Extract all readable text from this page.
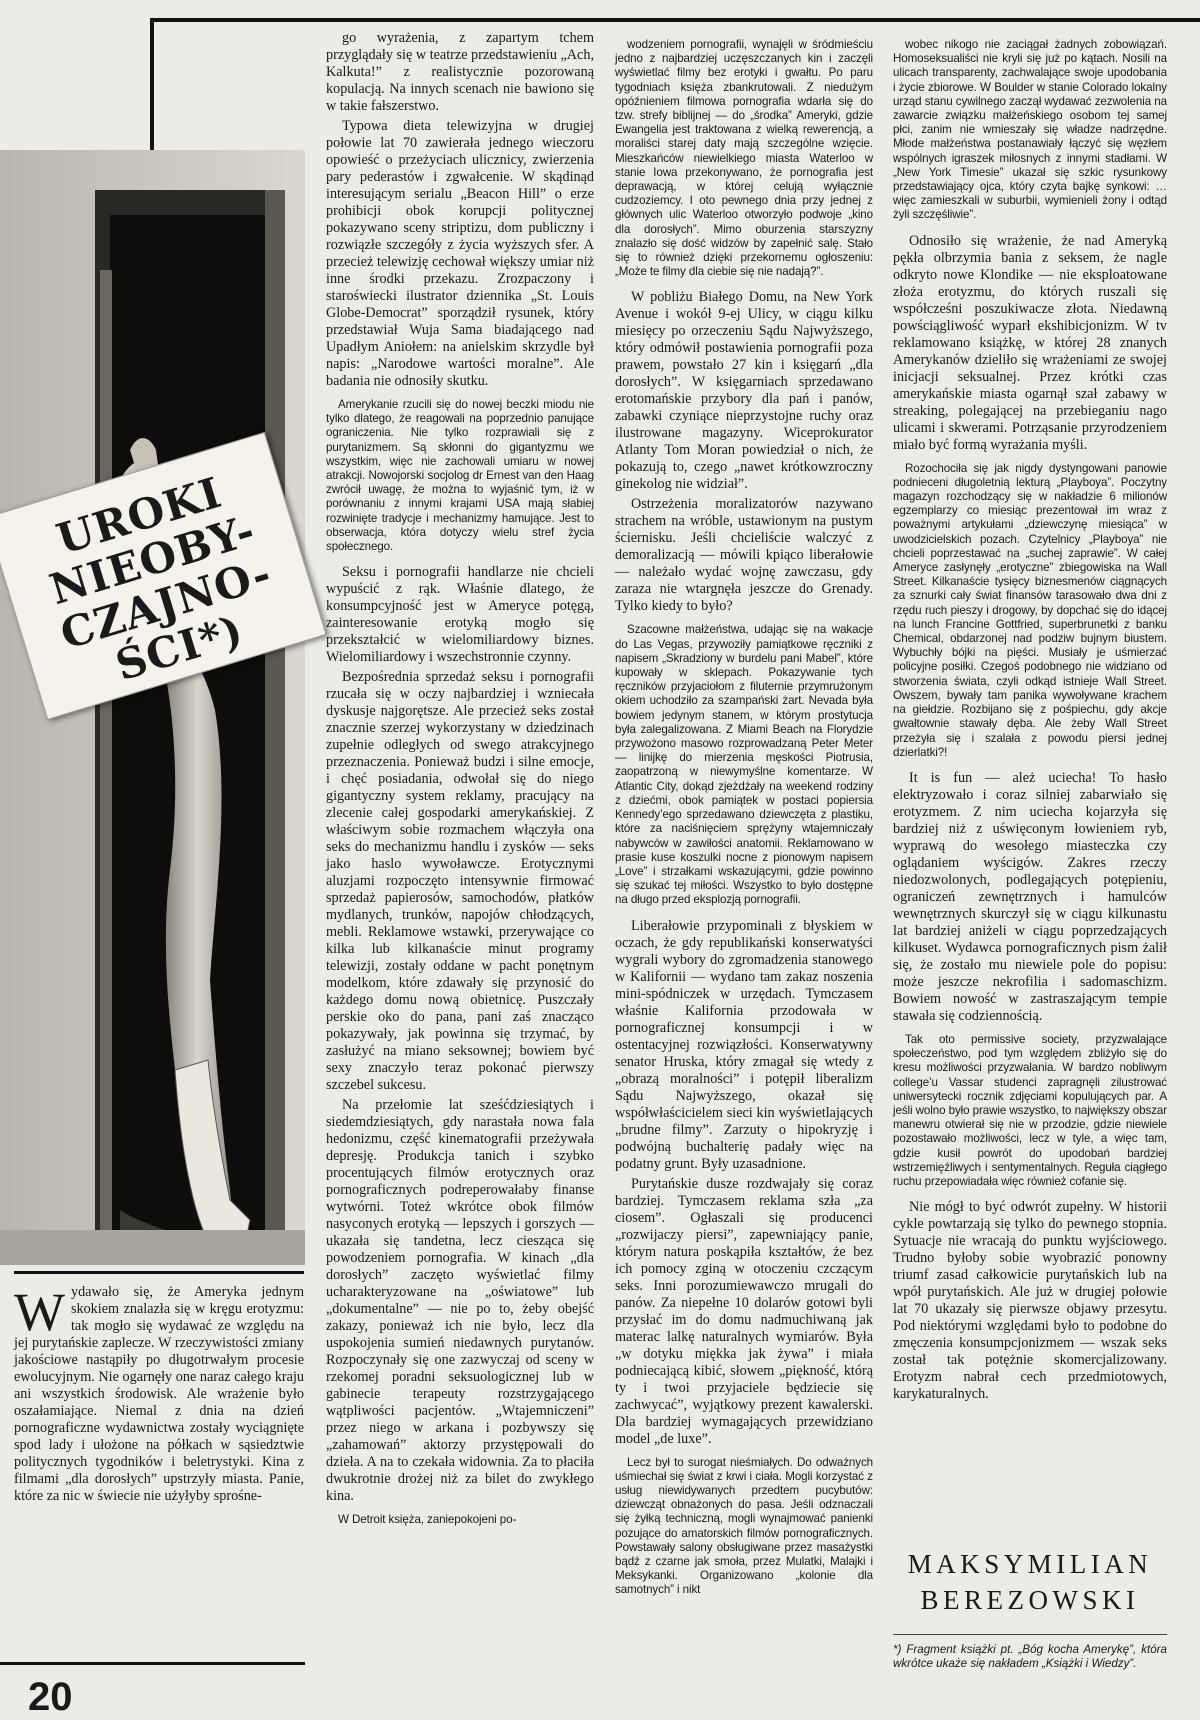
UROKI
NIEOBY-
CZAJNO-
ŚCI*)

go wyrażenia, z zapartym tchem przyglądały się w teatrze przedstawieniu „Ach, Kalkuta!” z realistycznie pozorowaną kopulacją. Na innych scenach nie bawiono się w takie fałszerstwo.

Typowa dieta telewizyjna w drugiej połowie lat 70 zawierała jednego wieczoru opowieść o przeżyciach ulicznicy, zwierzenia pary pederastów i zgwałcenie. W skądinąd interesującym serialu „Beacon Hill” o erze prohibicji obok korupcji politycznej pokazywano sceny striptizu, dom publiczny i rozwiązłe szczegóły z życia wyższych sfer. A przecież telewizję cechował większy umiar niż inne środki przekazu. Zrozpaczony i staroświecki ilustrator dziennika „St. Louis Globe-Democrat” sporządził rysunek, który przedstawiał Wuja Sama biadającego nad Upadłym Aniołem: na anielskim skrzydle był napis: „Narodowe wartości moralne”. Ale badania nie odnosiły skutku.

Amerykanie rzucili się do nowej beczki miodu nie tylko dlatego, że reagowali na poprzednio panujące ograniczenia. Nie tylko rozprawiali się z purytanizmem. Są skłonni do gigantyzmu we wszystkim, więc nie zachowali umiaru w nowej atrakcji. Nowojorski socjolog dr Ernest van den Haag zwrócił uwagę, że można to wyjaśnić tym, iż w porównaniu z innymi krajami USA mają słabiej rozwinięte tradycje i mechanizmy hamujące. Jest to obserwacja, która dotyczy wielu stref życia społecznego.

Seksu i pornografii handlarze nie chcieli wypuścić z rąk. Właśnie dlatego, że konsumpcyjność jest w Ameryce potęgą, zainteresowanie erotyką mogło się przekształcić w wielomiliardowy biznes. Wielomiliardowy i wszechstronnie czynny.

Bezpośrednia sprzedaż seksu i pornografii rzucała się w oczy najbardziej i wzniecała dyskusje najgorętsze. Ale przecież seks został znacznie szerzej wykorzystany w dziedzinach zupełnie odległych od swego atrakcyjnego przeznaczenia. Ponieważ budzi i silne emocje, i chęć posiadania, odwołał się do niego gigantyczny system reklamy, pracujący na zlecenie całej gospodarki amerykańskiej. Z właściwym sobie rozmachem włączyła ona seks do mechanizmu handlu i zysków — seks jako haslo wywoławcze. Erotycznymi aluzjami rozpoczęto intensywnie firmować sprzedaż papierosów, samochodów, płatków mydlanych, trunków, napojów chłodzących, mebli. Reklamowe wstawki, przerywające co kilka lub kilkanaście minut programy telewizji, zostały oddane w pacht ponętnym modelkom, które zdawały się przynosić do każdego domu nową obietnicę. Puszczały perskie oko do pana, pani zaś znacząco pokazywały, jak powinna się trzymać, by zasłużyć na miano seksownej; bowiem być sexy znaczyło teraz pokonać pierwszy szczebel sukcesu.

Na przełomie lat sześćdziesiątych i siedemdziesiątych, gdy narastała nowa fala hedonizmu, część kinematografii przeżywała depresję. Produkcja tanich i szybko procentujących filmów erotycznych oraz pornograficznych podreperowałaby finanse wytwórni. Toteż wkrótce obok filmów nasyconych erotyką — lepszych i gorszych — ukazała się tandetna, lecz ciesząca się powodzeniem pornografia. W kinach „dla dorosłych” zaczęto wyświetlać filmy ucharakteryzowane na „oświatowe” lub „dokumentalne” — nie po to, żeby obejść zakazy, ponieważ ich nie było, lecz dla uspokojenia sumień niedawnych purytanów. Rozpoczynały się one zazwyczaj od sceny w rzekomej poradni seksuologicznej lub w gabinecie terapeuty rozstrzygającego wątpliwości pacjentów. „Wtajemniczeni” przez niego w arkana i pozbywszy się „zahamowań” aktorzy przystępowali do dzieła. A na to czekała widownia. Za to płaciła dwukrotnie drożej niż za bilet do zwykłego kina.

W Detroit księża, zaniepokojeni po-

wodzeniem pornografii, wynajęli w śródmieściu jedno z najbardziej uczęszczanych kin i zaczęli wyświetlać filmy bez erotyki i gwałtu. Po paru tygodniach księża zbankrutowali. Z niedużym opóźnieniem filmowa pornografia wdarła się do tzw. strefy biblijnej — do „środka” Ameryki, gdzie Ewangelia jest traktowana z wielką rewerencją, a moraliści starej daty mają szczególne wzięcie. Mieszkańców niewielkiego miasta Waterloo w stanie Iowa przekonywano, że pornografia jest deprawacją, w której celują wyłącznie cudzoziemcy. I oto pewnego dnia przy jednej z głównych ulic Waterloo otworzyło podwoje „kino dla dorosłych”. Mimo oburzenia starszyzny znalazło się dość widzów by zapełnić salę. Stało się to również dzięki przekornemu ogłoszeniu: „Może te filmy dla ciebie się nie nadają?”.

W pobliżu Białego Domu, na New York Avenue i wokół 9-ej Ulicy, w ciągu kilku miesięcy po orzeczeniu Sądu Najwyższego, który odmówił postawienia pornografii poza prawem, powstało 27 kin i księgarń „dla dorosłych”. W księgarniach sprzedawano erotomańskie przybory dla pań i panów, zabawki czyniące nieprzystojne ruchy oraz ilustrowane magazyny. Wiceprokurator Atlanty Tom Moran powiedział o nich, że pokazują to, czego „nawet krótkowzroczny ginekolog nie widział”.

Ostrzeżenia moralizatorów nazywano strachem na wróble, ustawionym na pustym ściernisku. Jeśli chcieliście walczyć z demoralizacją — mówili kpiąco liberałowie — należało wydać wojnę zawczasu, gdy zaraza nie wtargnęła jeszcze do Grenady. Tylko kiedy to było?

Szacowne małżeństwa, udając się na wakacje do Las Vegas, przywoziły pamiątkowe ręczniki z napisem „Skradziony w burdelu pani Mabel”, które kupowały w sklepach. Pokazywanie tych ręczników przyjaciołom z filuternie przymrużonym okiem uchodziło za szampański żart. Nevada była bowiem jedynym stanem, w którym prostytucja była zalegalizowana. Z Miami Beach na Florydzie przywożono masowo rozprowadzaną Peter Meter — linijkę do mierzenia męskości Piotrusia, zaopatrzoną w niewymyślne komentarze. W Atlantic City, dokąd zjeżdżały na weekend rodziny z dziećmi, obok pamiątek w postaci popiersia Kennedy’ego sprzedawano dziewczęta z plastiku, które za naciśnięciem sprężyny wtajemniczały nabywców w zawiłości anatomii. Reklamowano w prasie kuse koszulki nocne z pionowym napisem „Love” i strzałkami wskazującymi, gdzie powinno się szukać tej miłości. Wszystko to było dostępne na długo przed eksplozją pornografii.

Liberałowie przypominali z błyskiem w oczach, że gdy republikański konserwatyści wygrali wybory do zgromadzenia stanowego w Kalifornii — wydano tam zakaz noszenia mini-spódniczek w urzędach. Tymczasem właśnie Kalifornia przodowała w pornograficznej konsumpcji i w ostentacyjnej rozwiązłości. Konserwatywny senator Hruska, który zmagał się wtedy z „obrazą moralności” i potępił liberalizm Sądu Najwyższego, okazał się współwłaścicielem sieci kin wyświetlających „brudne filmy”. Zarzuty o hipokryzję i podwójną buchalterię padały więc na podatny grunt. Były uzasadnione.

Purytańskie dusze rozdwajały się coraz bardziej. Tymczasem reklama szła „za ciosem”. Ogłaszali się producenci „rozwijaczy piersi”, zapewniający panie, którym natura poskąpiła kształtów, że bez ich pomocy zginą w otoczeniu czczącym seks. Inni porozumiewawczo mrugali do panów. Za niepełne 10 dolarów gotowi byli przysłać im do domu nadmuchiwaną jak materac lalkę naturalnych wymiarów. Była „w dotyku miękka jak żywa” i miała podniecającą kibić, słowem „piękność, którą ty i twoi przyjaciele będziecie się zachwycać”, wyjątkowy prezent kawalerski. Dla bardziej wymagających przewidziano model „de luxe”.

Lecz był to surogat nieśmiałych. Do odważnych uśmiechał się świat z krwi i ciała. Mogli korzystać z usług niewidywanych przedtem pucybutów: dziewcząt obnażonych do pasa. Jeśli odznaczali się żyłką techniczną, mogli wynajmować panienki pozujące do amatorskich filmów pornograficznych. Powstawały salony obsługiwane przez masażystki bądź z czarne jak smoła, przez Mulatki, Malajki i Meksykanki. Organizowano „kolonie dla samotnych” i nikt

wobec nikogo nie zaciągał żadnych zobowiązań. Homoseksualiści nie kryli się już po kątach. Nosili na ulicach transparenty, zachwalające swoje upodobania i życie zbiorowe. W Boulder w stanie Colorado lokalny urząd stanu cywilnego zaczął wydawać zezwolenia na zawarcie związku małżeńskiego osobom tej samej płci, zanim nie wmieszały się władze nadrzędne. Młode małżeństwa postanawiały łączyć się węzłem wspólnych igraszek miłosnych z innymi stadłami. W „New York Timesie” ukazał się szkic rysunkowy przedstawiający ojca, który czyta bajkę synkowi: …więc zamieszkali w suburbii, wymienieli żony i odtąd żyli szczęśliwie”.

Odnosiło się wrażenie, że nad Ameryką pękła olbrzymia bania z seksem, że nagle odkryto nowe Klondike — nie eksploatowane złoża erotyzmu, do których ruszali się współcześni poszukiwacze złota. Niedawną powściągliwość wyparł ekshibicjonizm. W tv reklamowano książkę, w której 28 znanych Amerykanów dzieliło się wrażeniami ze swojej inicjacji seksualnej. Przez krótki czas amerykańskie miasta ogarnął szał zabawy w streaking, polegającej na przebieganiu nago ulicami i skwerami. Potrząsanie przyrodzeniem miało być formą wyrażania myśli.

Rozochociła się jak nigdy dystyngowani panowie podnieceni długoletnią lekturą „Playboya”. Poczytny magazyn rozchodzący się w nakładzie 6 milionów egzemplarzy co miesiąc prezentował im wraz z poważnymi artykułami „dziewczynę miesiąca” w uwodzicielskich pozach. Czytelnicy „Playboya” nie chcieli poprzestawać na „suchej zaprawie”. W całej Ameryce zasłynęły „erotyczne” zbiegowiska na Wall Street. Kilkanaście tysięcy biznesmenów ciągnących za sznurki cały świat finansów tarasowało dwa dni z rzędu ruch pieszy i drogowy, by dopchać się do idącej na lunch Francine Gottfried, superbrunetki z banku Chemical, obdarzonej nad podziw bujnym biustem. Wybuchły bójki na pięści. Musiały je uśmierzać policyjne posiłki. Czegoś podobnego nie widziano od stworzenia świata, czyli odkąd istnieje Wall Street. Owszem, bywały tam panika wywoływane krachem na giełdzie. Rozbijano się z pośpiechu, gdy akcje gwałtownie stawały dęba. Ale żeby Wall Street przeżyła się i szalała z powodu piersi jednej dzierlatki?!

It is fun — ależ uciecha! To hasło elektryzowało i coraz silniej zabarwiało się erotyzmem. Z nim uciecha kojarzyła się bardziej niż z uświęconym łowieniem ryb, wyprawą do wesołego miasteczka czy oglądaniem wyścigów. Zakres rzeczy niedozwolonych, podlegających potępieniu, ograniczeń zewnętrznych i hamulców wewnętrznych skurczył się w ciągu kilkunastu lat bardziej aniżeli w ciągu poprzedzających kilkuset. Wydawca pornograficznych pism żalił się, że zostało mu niewiele pole do popisu: może jeszcze nekrofilia i sadomaschizm. Bowiem nowość w zastraszającym tempie stawała się codziennością.

Tak oto permissive society, przyzwalające społeczeństwo, pod tym względem zbliżyło się do kresu możliwości przyzwalania. W bardzo nobliwym college’u Vassar studenci zapragnęli zilustrować uniwersytecki rocznik zdjęciami kopulujących par. A jeśli wolno było prawie wszystko, to największy obszar manewru otwierał się nie w przodzie, gdzie niewiele pozostawało możliwości, lecz w tyle, a więc tam, gdzie kusił powrót do upodobań bardziej wstrzemięźliwych i sentymentalnych. Reguła ciągłego ruchu przepowiadała więc również cofanie się.

Nie mógł to być odwrót zupełny. W historii cykle powtarzają się tylko do pewnego stopnia. Sytuacje nie wracają do punktu wyjściowego. Trudno byłoby sobie wyobrazić ponowny triumf zasad całkowicie purytańskich lub na wpół purytańskich. Ale już w drugiej połowie lat 70 ukazały się pierwsze objawy przesytu. Pod niektórymi względami było to podobne do zmęczenia konsumpcjonizmem — wszak seks został tak potężnie skomercjalizowany. Erotyzm nabrał cech przedmiotowych, karykaturalnych.

Wydawało się, że Ameryka jednym skokiem znalazła się w kręgu erotyzmu: tak mogło się wydawać ze względu na jej purytańskie zaplecze. W rzeczywistości zmiany jakościowe nastąpiły po długotrwałym procesie ewolucyjnym. Nie ogarnęły one naraz całego kraju ani wszystkich środowisk. Ale wrażenie było oszałamiające. Niemal z dnia na dzień pornograficzne wydawnictwa zostały wyciągnięte spod lady i ułożone na półkach w sąsiedztwie politycznych tygodników i beletrystyki. Kina z filmami „dla dorosłych” upstrzyły miasta. Panie, które za nic w świecie nie użyłyby sprośne-

MAKSYMILIAN BEREZOWSKI
*) Fragment książki pt. „Bóg kocha Amerykę”, która wkrótce ukaże się nakładem „Książki i Wiedzy”.
20
